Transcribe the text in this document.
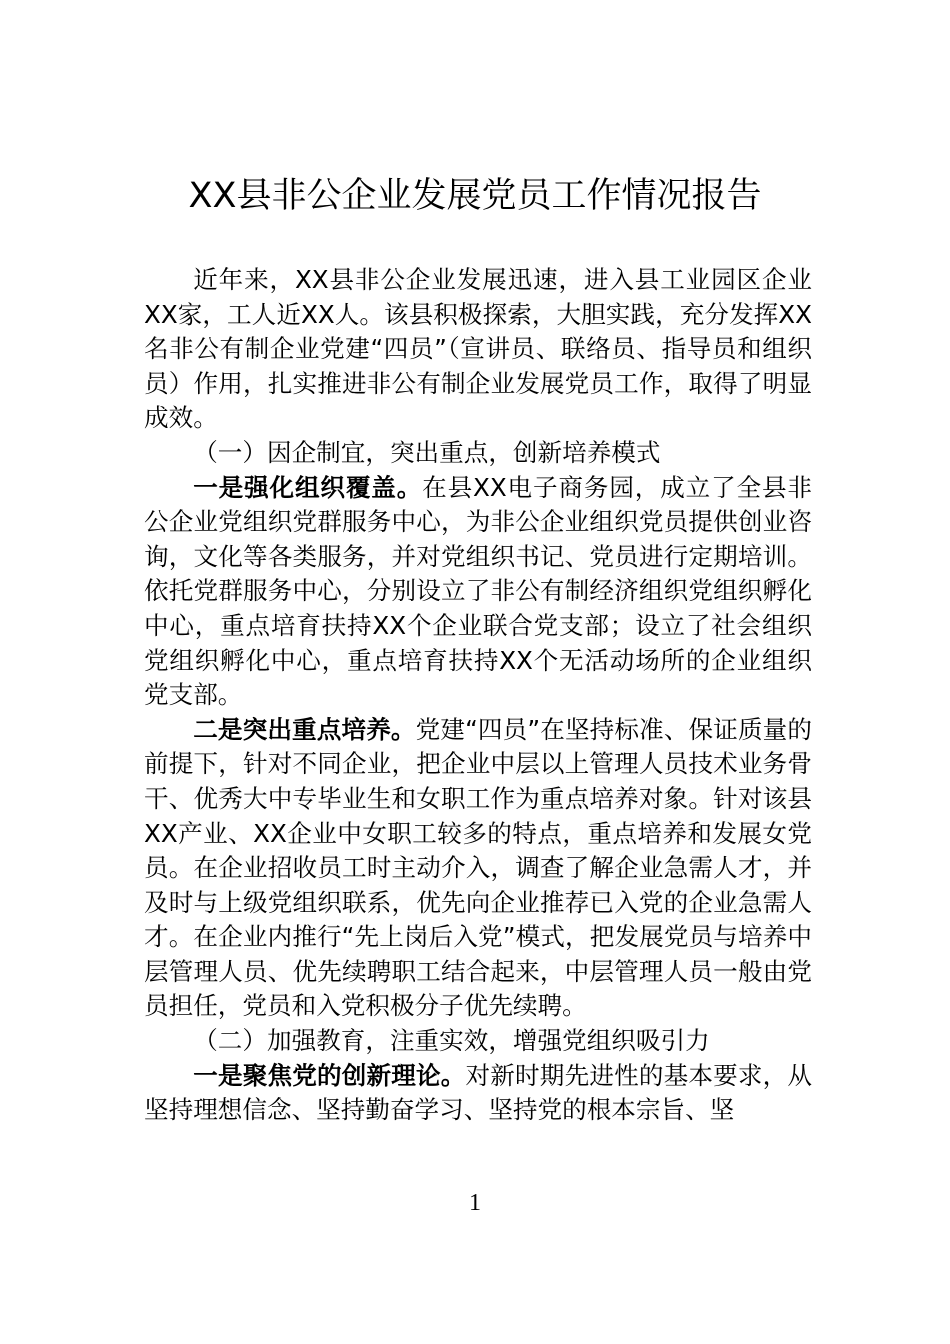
XX县非公企业发展党员工作情况报告

近年来，XX县非公企业发展迅速，进入县工业园区企业XX家，工人近XX人。该县积极探索，大胆实践，充分发挥XX名非公有制企业党建“四员”（宣讲员、联络员、指导员和组织员）作用，扎实推进非公有制企业发展党员工作，取得了明显成效。

（一）因企制宜，突出重点，创新培养模式

一是强化组织覆盖。在县XX电子商务园，成立了全县非公企业党组织党群服务中心，为非公企业组织党员提供创业咨询，文化等各类服务，并对党组织书记、党员进行定期培训。依托党群服务中心，分别设立了非公有制经济组织党组织孵化中心，重点培育扶持XX个企业联合党支部；设立了社会组织党组织孵化中心，重点培育扶持XX个无活动场所的企业组织党支部。

二是突出重点培养。党建“四员”在坚持标准、保证质量的前提下，针对不同企业，把企业中层以上管理人员技术业务骨干、优秀大中专毕业生和女职工作为重点培养对象。针对该县XX产业、XX企业中女职工较多的特点，重点培养和发展女党员。在企业招收员工时主动介入，调查了解企业急需人才，并及时与上级党组织联系，优先向企业推荐已入党的企业急需人才。在企业内推行“先上岗后入党”模式，把发展党员与培养中层管理人员、优先续聘职工结合起来，中层管理人员一般由党员担任，党员和入党积极分子优先续聘。

（二）加强教育，注重实效，增强党组织吸引力

一是聚焦党的创新理论。对新时期先进性的基本要求，从坚持理想信念、坚持勤奋学习、坚持党的根本宗旨、坚

1
